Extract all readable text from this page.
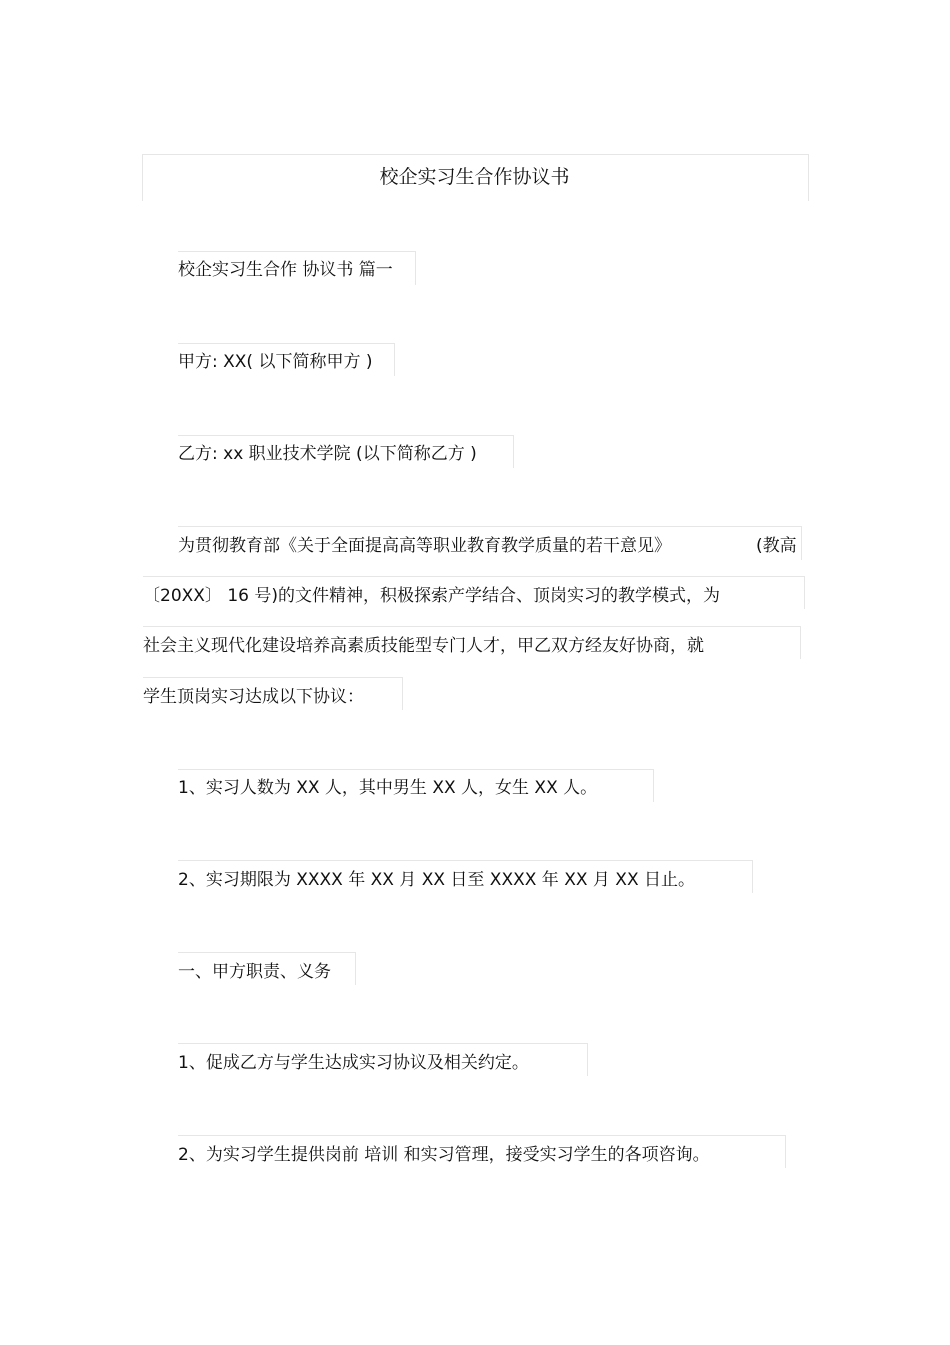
校企实习生合作协议书
校企实习生合作 协议书 篇一
甲方: XX( 以下简称甲方 )
乙方: xx 职业技术学院 (以下简称乙方 )
为贯彻教育部《关于全面提高高等职业教育教学质量的若干意见》	(教高
〔20XX〕 16 号)的文件精神，积极探索产学结合、顶岗实习的教学模式，为
社会主义现代化建设培养高素质技能型专门人才，甲乙双方经友好协商，就
学生顶岗实习达成以下协议：
1、实习人数为 XX 人，其中男生 XX 人，女生 XX 人。
2、实习期限为 XXXX 年 XX 月 XX 日至 XXXX 年 XX 月 XX 日止。
一、甲方职责、义务
1、促成乙方与学生达成实习协议及相关约定。
2、为实习学生提供岗前 培训 和实习管理，接受实习学生的各项咨询。
